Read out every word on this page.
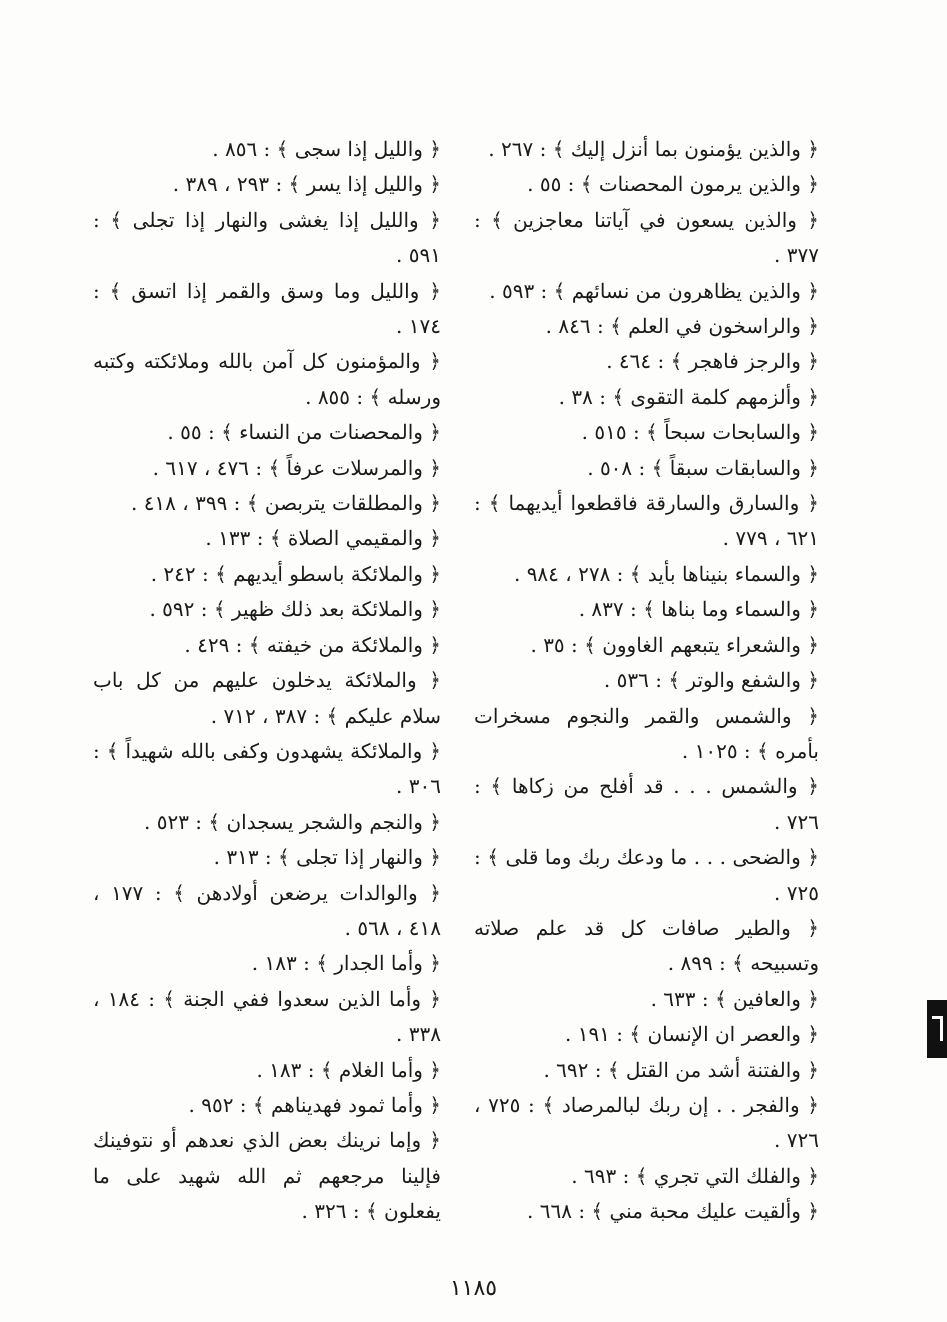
﴿ والذين يؤمنون بما أنزل إليك ﴾ : ٢٦٧ .

﴿ والذين يرمون المحصنات ﴾ : ٥٥ .

﴿ والذين يسعون في آياتنا معاجزين ﴾ : ٣٧٧ .

﴿ والذين يظاهرون من نسائهم ﴾ : ٥٩٣ .

﴿ والراسخون في العلم ﴾ : ٨٤٦ .

﴿ والرجز فاهجر ﴾ : ٤٦٤ .

﴿ وألزمهم كلمة التقوى ﴾ : ٣٨ .

﴿ والسابحات سبحاً ﴾ : ٥١٥ .

﴿ والسابقات سبقاً ﴾ : ٥٠٨ .

﴿ والسارق والسارقة فاقطعوا أيديهما ﴾ : ٦٢١ ، ٧٧٩ .

﴿ والسماء بنيناها بأيد ﴾ : ٢٧٨ ، ٩٨٤ .

﴿ والسماء وما بناها ﴾ : ٨٣٧ .

﴿ والشعراء يتبعهم الغاوون ﴾ : ٣٥ .

﴿ والشفع والوتر ﴾ : ٥٣٦ .

﴿ والشمس والقمر والنجوم مسخرات بأمره ﴾ : ١٠٢٥ .

﴿ والشمس . . . قد أفلح من زكاها ﴾ : ٧٢٦ .

﴿ والضحى . . . ما ودعك ربك وما قلى ﴾ : ٧٢٥ .

﴿ والطير صافات كل قد علم صلاته وتسبيحه ﴾ : ٨٩٩ .

﴿ والعافين ﴾ : ٦٣٣ .

﴿ والعصر ان الإنسان ﴾ : ١٩١ .

﴿ والفتنة أشد من القتل ﴾ : ٦٩٢ .

﴿ والفجر . . إن ربك لبالمرصاد ﴾ : ٧٢٥ ، ٧٢٦ .

﴿ والفلك التي تجري ﴾ : ٦٩٣ .

﴿ وألقيت عليك محبة مني ﴾ : ٦٦٨ .

﴿ والليل إذا سجى ﴾ : ٨٥٦ .

﴿ والليل إذا يسر ﴾ : ٢٩٣ ، ٣٨٩ .

﴿ والليل إذا يغشى والنهار إذا تجلى ﴾ : ٥٩١ .

﴿ والليل وما وسق والقمر إذا اتسق ﴾ : ١٧٤ .

﴿ والمؤمنون كل آمن بالله وملائكته وكتبه ورسله ﴾ : ٨٥٥ .

﴿ والمحصنات من النساء ﴾ : ٥٥ .

﴿ والمرسلات عرفاً ﴾ : ٤٧٦ ، ٦١٧ .

﴿ والمطلقات يتربصن ﴾ : ٣٩٩ ، ٤١٨ .

﴿ والمقيمي الصلاة ﴾ : ١٣٣ .

﴿ والملائكة باسطو أيديهم ﴾ : ٢٤٢ .

﴿ والملائكة بعد ذلك ظهير ﴾ : ٥٩٢ .

﴿ والملائكة من خيفته ﴾ : ٤٢٩ .

﴿ والملائكة يدخلون عليهم من كل باب سلام عليكم ﴾ : ٣٨٧ ، ٧١٢ .

﴿ والملائكة يشهدون وكفى بالله شهيداً ﴾ : ٣٠٦ .

﴿ والنجم والشجر يسجدان ﴾ : ٥٢٣ .

﴿ والنهار إذا تجلى ﴾ : ٣١٣ .

﴿ والوالدات يرضعن أولادهن ﴾ : ١٧٧ ، ٤١٨ ، ٥٦٨ .

﴿ وأما الجدار ﴾ : ١٨٣ .

﴿ وأما الذين سعدوا ففي الجنة ﴾ : ١٨٤ ، ٣٣٨ .

﴿ وأما الغلام ﴾ : ١٨٣ .

﴿ وأما ثمود فهديناهم ﴾ : ٩٥٢ .

﴿ وإما نرينك بعض الذي نعدهم أو نتوفينك فإلينا مرجعهم ثم الله شهيد على ما يفعلون ﴾ : ٣٢٦ .

١١٨٥
